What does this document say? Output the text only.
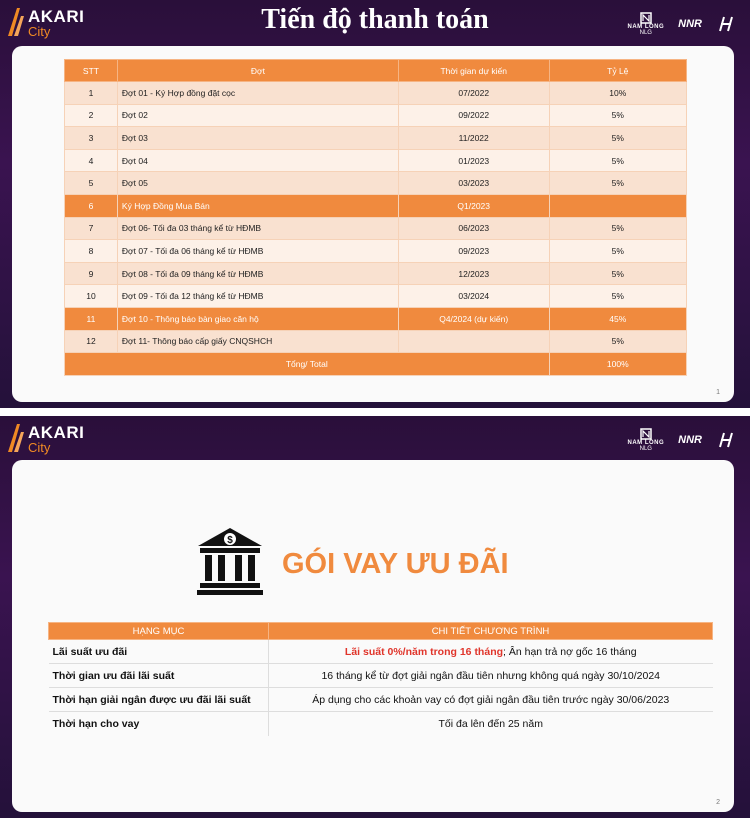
AKARI
City	Tiến độ thanh toán	NAM LONG
NLG
NNR
STT	Đợt	Thời gian dự kiến	Tỷ Lệ
1	Đợt 01 - Ký Hợp đồng đặt cọc	07/2022	10%
2	Đợt 02	09/2022	5%
3	Đợt 03	11/2022	5%
4	Đợt 04	01/2023	5%
5	Đợt 05	03/2023	5%
6	Ký Hợp Đồng Mua Bán	Q1/2023	
7	Đợt 06- Tối đa 03 tháng kể từ HĐMB	06/2023	5%
8	Đợt 07 - Tối đa 06 tháng kể từ HĐMB	09/2023	5%
9	Đợt 08 - Tối đa 09 tháng kể từ HĐMB	12/2023	5%
10	Đợt 09 - Tối đa 12 tháng kể từ HĐMB	03/2024	5%
11	Đợt 10 - Thông báo bàn giao căn hộ	Q4/2024 (dự kiến)	45%
12	Đợt 11- Thông báo cấp giấy CNQSHCH		5%
Tổng/ Total			100%
1
AKARI
City	NAM LONG
NLG
NNR
$
GÓI VAY ƯU ĐÃI
HẠNG MỤC	CHI TIẾT CHƯƠNG TRÌNH
Lãi suất ưu đãi	Lãi suất 0%/năm trong 16 tháng; Ân hạn trả nợ gốc 16 tháng
Thời gian ưu đãi lãi suất	16 tháng kể từ đợt giải ngân đầu tiên nhưng không quá ngày 30/10/2024
Thời hạn giải ngân được ưu đãi lãi suất	Áp dụng cho các khoản vay có đợt giải ngân đầu tiên trước ngày 30/06/2023
Thời hạn cho vay	Tối đa lên đến 25 năm
2
